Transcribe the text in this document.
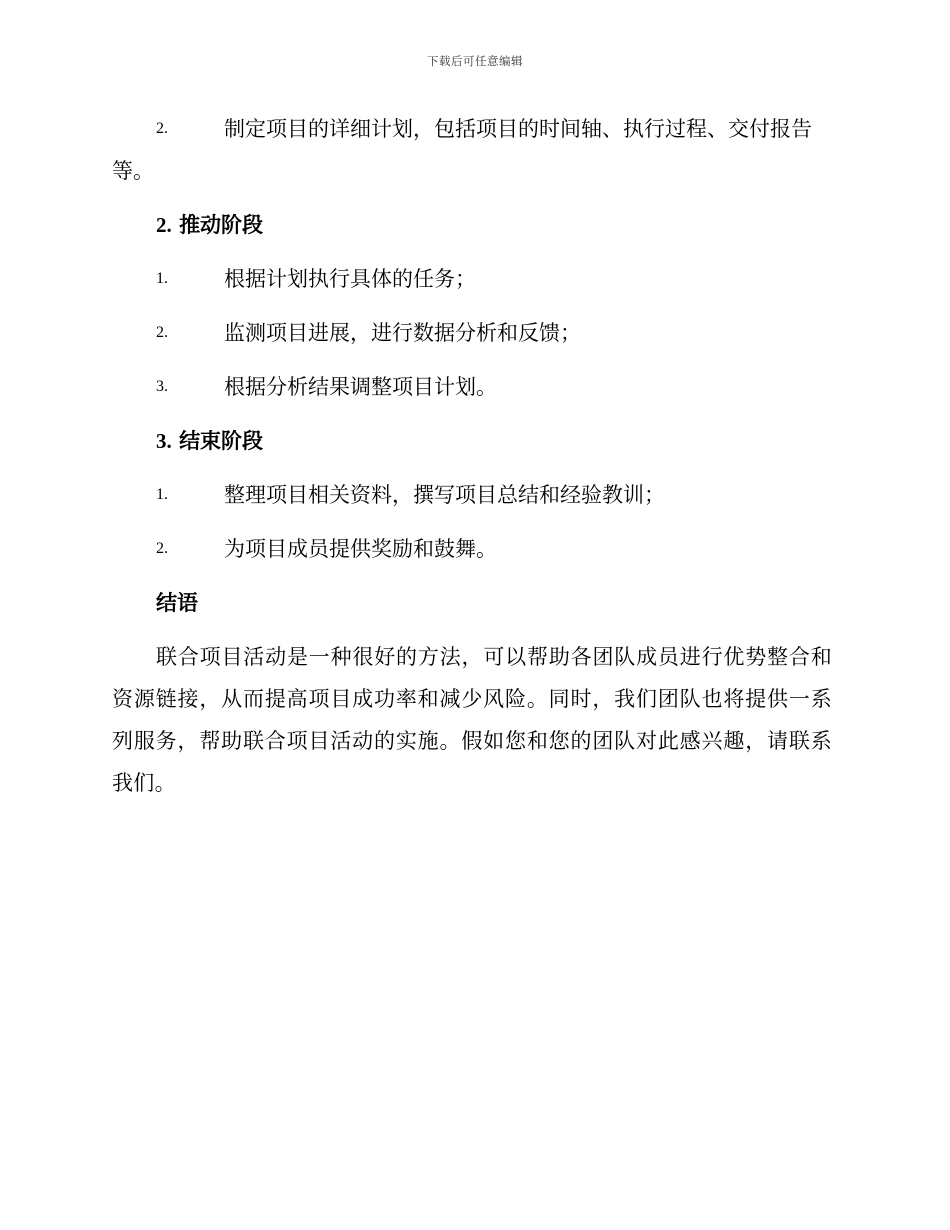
下载后可任意编辑
2.	制定项目的详细计划，包括项目的时间轴、执行过程、交付报告等。
2. 推动阶段
1.	根据计划执行具体的任务；
2.	监测项目进展，进行数据分析和反馈；
3.	根据分析结果调整项目计划。
3. 结束阶段
1.	整理项目相关资料，撰写项目总结和经验教训；
2.	为项目成员提供奖励和鼓舞。
结语
联合项目活动是一种很好的方法，可以帮助各团队成员进行优势整合和资源链接，从而提高项目成功率和减少风险。同时，我们团队也将提供一系列服务，帮助联合项目活动的实施。假如您和您的团队对此感兴趣，请联系我们。
